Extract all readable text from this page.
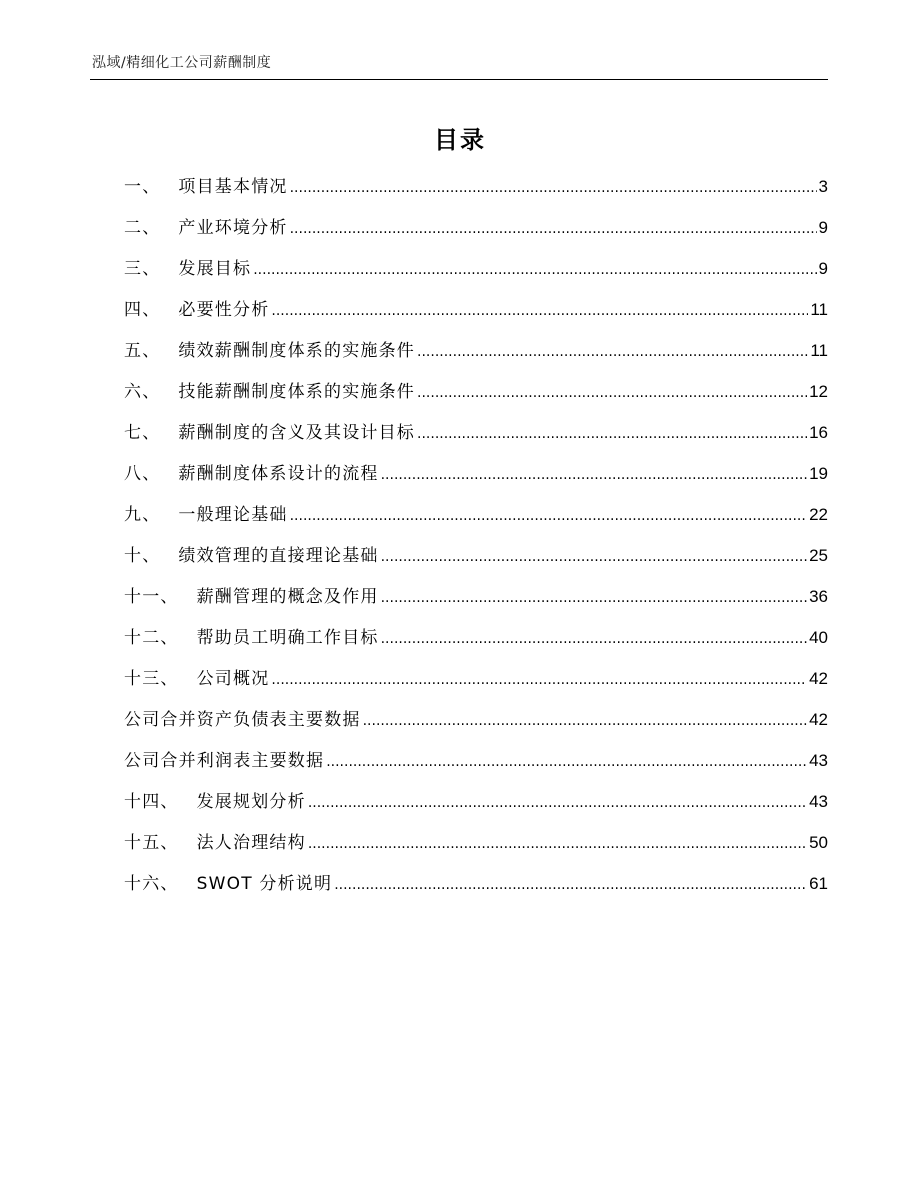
泓域/精细化工公司薪酬制度
目录
一、 项目基本情况 .....	3
二、 产业环境分析 .....	9
三、 发展目标 .....	9
四、 必要性分析 .....	11
五、 绩效薪酬制度体系的实施条件 .....	11
六、 技能薪酬制度体系的实施条件 .....	12
七、 薪酬制度的含义及其设计目标 .....	16
八、 薪酬制度体系设计的流程 .....	19
九、 一般理论基础 .....	22
十、 绩效管理的直接理论基础 .....	25
十一、 薪酬管理的概念及作用 .....	36
十二、 帮助员工明确工作目标 .....	40
十三、 公司概况 .....	42
公司合并资产负债表主要数据 .....	42
公司合并利润表主要数据 .....	43
十四、 发展规划分析 .....	43
十五、 法人治理结构 .....	50
十六、 SWOT 分析说明 .....	61
